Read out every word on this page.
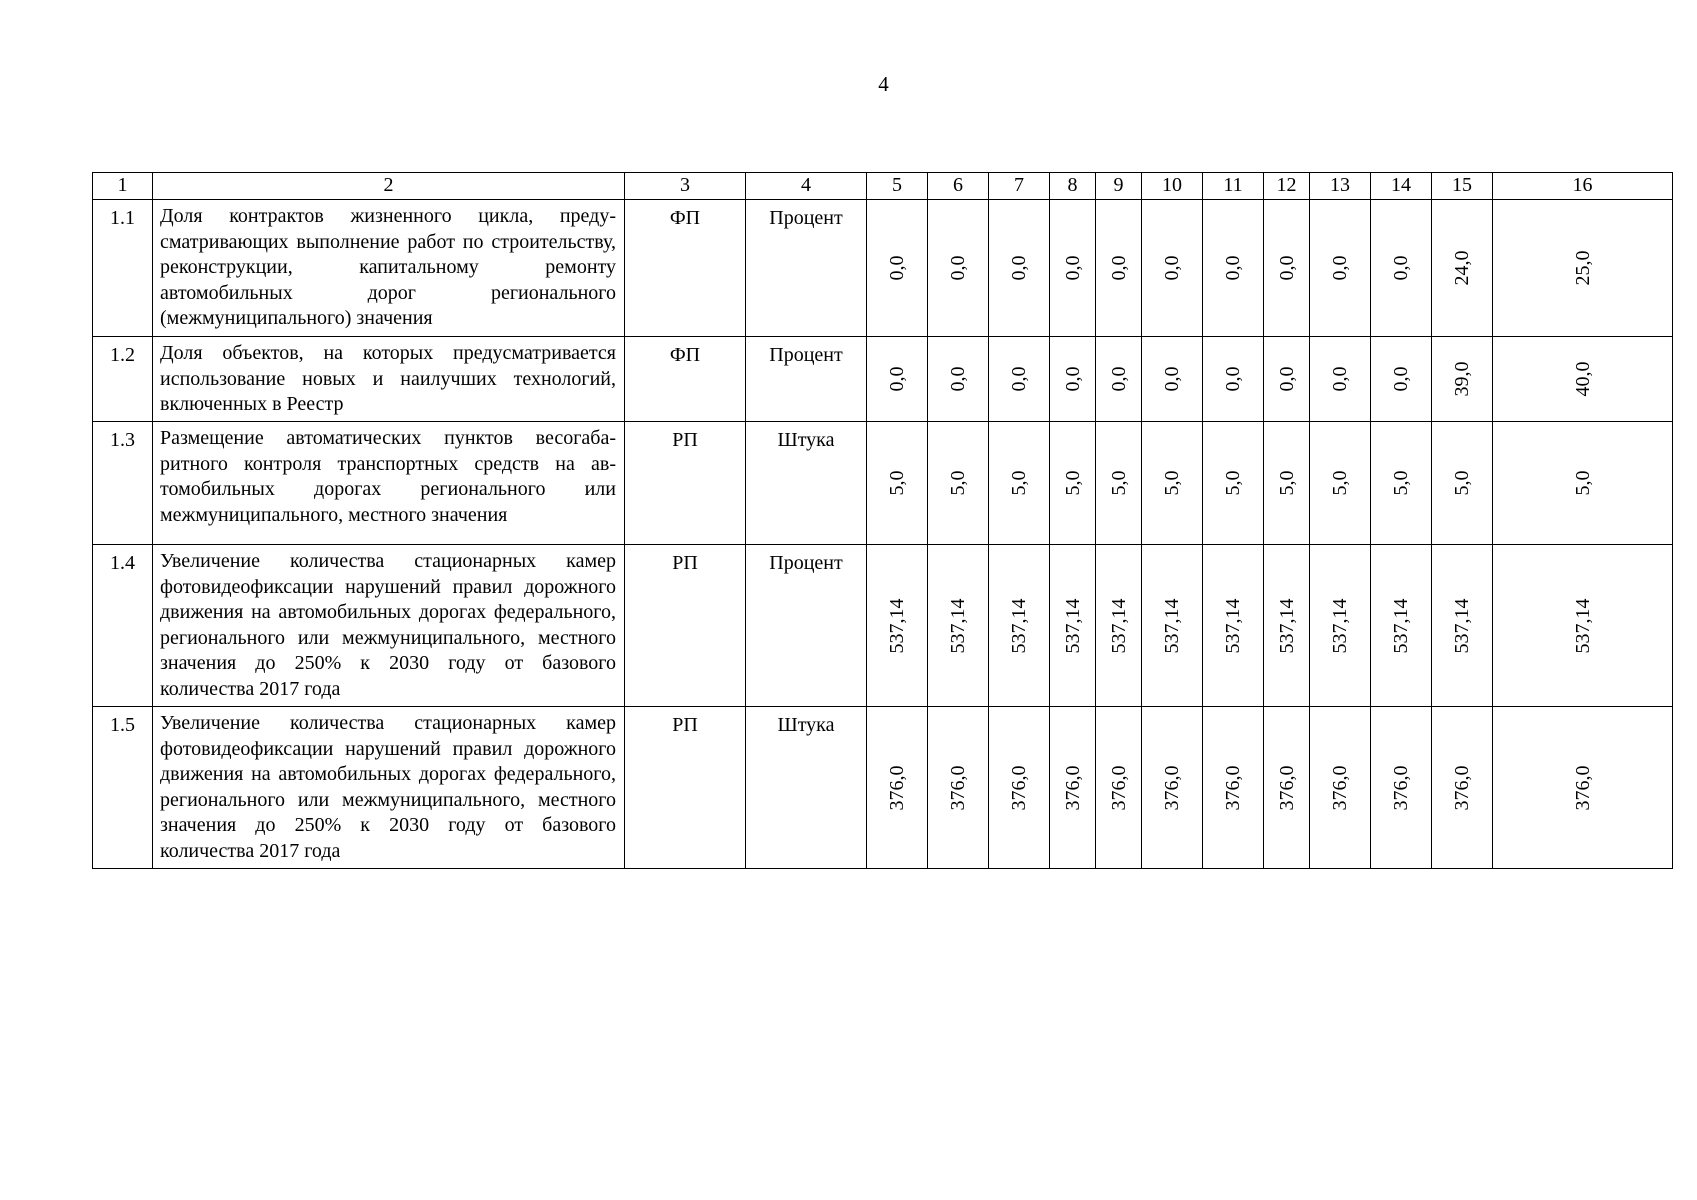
4
1	2	3	4	5	6	7	8	9	10	11	12	13	14	15	16
1.1	Доля контрактов жизненного цикла, предусматривающих выполнение работ по строительству, реконструкции, капитальному ремонту автомобильных дорог регионального (межмуниципального) значения	ФП	Процент	0,0	0,0	0,0	0,0	0,0	0,0	0,0	0,0	0,0	0,0	24,0	25,0

1.2	Доля объектов, на которых предусматривается использование новых и наилучших технологий, включенных в Реестр	ФП	Процент	0,0	0,0	0,0	0,0	0,0	0,0	0,0	0,0	0,0	0,0	39,0	40,0

1.3	Размещение автоматических пунктов весогабаритного контроля транспортных средств на автомобильных дорогах регионального или межмуниципального, местного значения	РП	Штука	5,0	5,0	5,0	5,0	5,0	5,0	5,0	5,0	5,0	5,0	5,0	5,0

1.4	Увеличение количества стационарных камер фотовидеофиксации нарушений правил дорожного движения на автомобильных дорогах федерального, регионального или межмуниципального, местного значения до 250% к 2030 году от базового количества 2017 года	РП	Процент	537,14	537,14	537,14	537,14	537,14	537,14	537,14	537,14	537,14	537,14	537,14	537,14

1.5	Увеличение количества стационарных камер фотовидеофиксации нарушений правил дорожного движения на автомобильных дорогах федерального, регионального или межмуниципального, местного значения до 250% к 2030 году от базового количества 2017 года	РП	Штука	376,0	376,0	376,0	376,0	376,0	376,0	376,0	376,0	376,0	376,0	376,0	376,0
